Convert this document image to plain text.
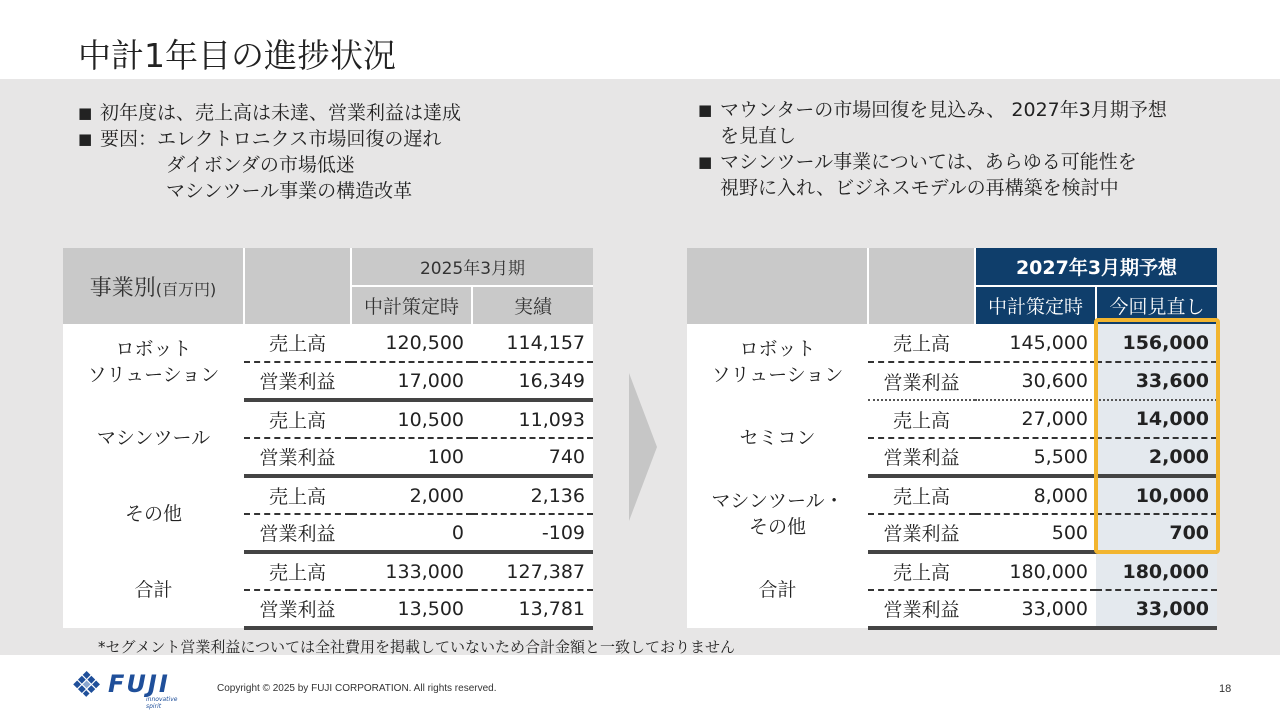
中計1年目の進捗状況
■ 初年度は、売上高は未達、営業利益は達成
■ 要因：エレクトロニクス市場回復の遅れ
ダイボンダの市場低迷
マシンツール事業の構造改革
■ マウンターの市場回復を見込み、 2027年3月期予想
を見直し
■ マシンツール事業については、あらゆる可能性を
視野に入れ、ビジネスモデルの再構築を検討中
事業別(百万円)		2025年3月期	
		中計策定時	実績
ロボット
ソリューション	売上高	120,500	114,157
	営業利益	17,000	16,349
マシンツール	売上高	10,500	11,093
	営業利益	100	740
その他	売上高	2,000	2,136
	営業利益	0	-109
合計	売上高	133,000	127,387
	営業利益	13,500	13,781
		2027年3月期予想	
		中計策定時	今回見直し
ロボット
ソリューション	売上高	145,000	156,000
	営業利益	30,600	33,600
セミコン	売上高	27,000	14,000
	営業利益	5,500	2,000
マシンツール・
その他	売上高	8,000	10,000
	営業利益	500	700
合計	売上高	180,000	180,000
	営業利益	33,000	33,000
*セグメント営業利益については全社費用を掲載していないため合計金額と一致しておりません
FUJI
innovative spirit
Copyright © 2025 by FUJI CORPORATION. All rights reserved.	18
